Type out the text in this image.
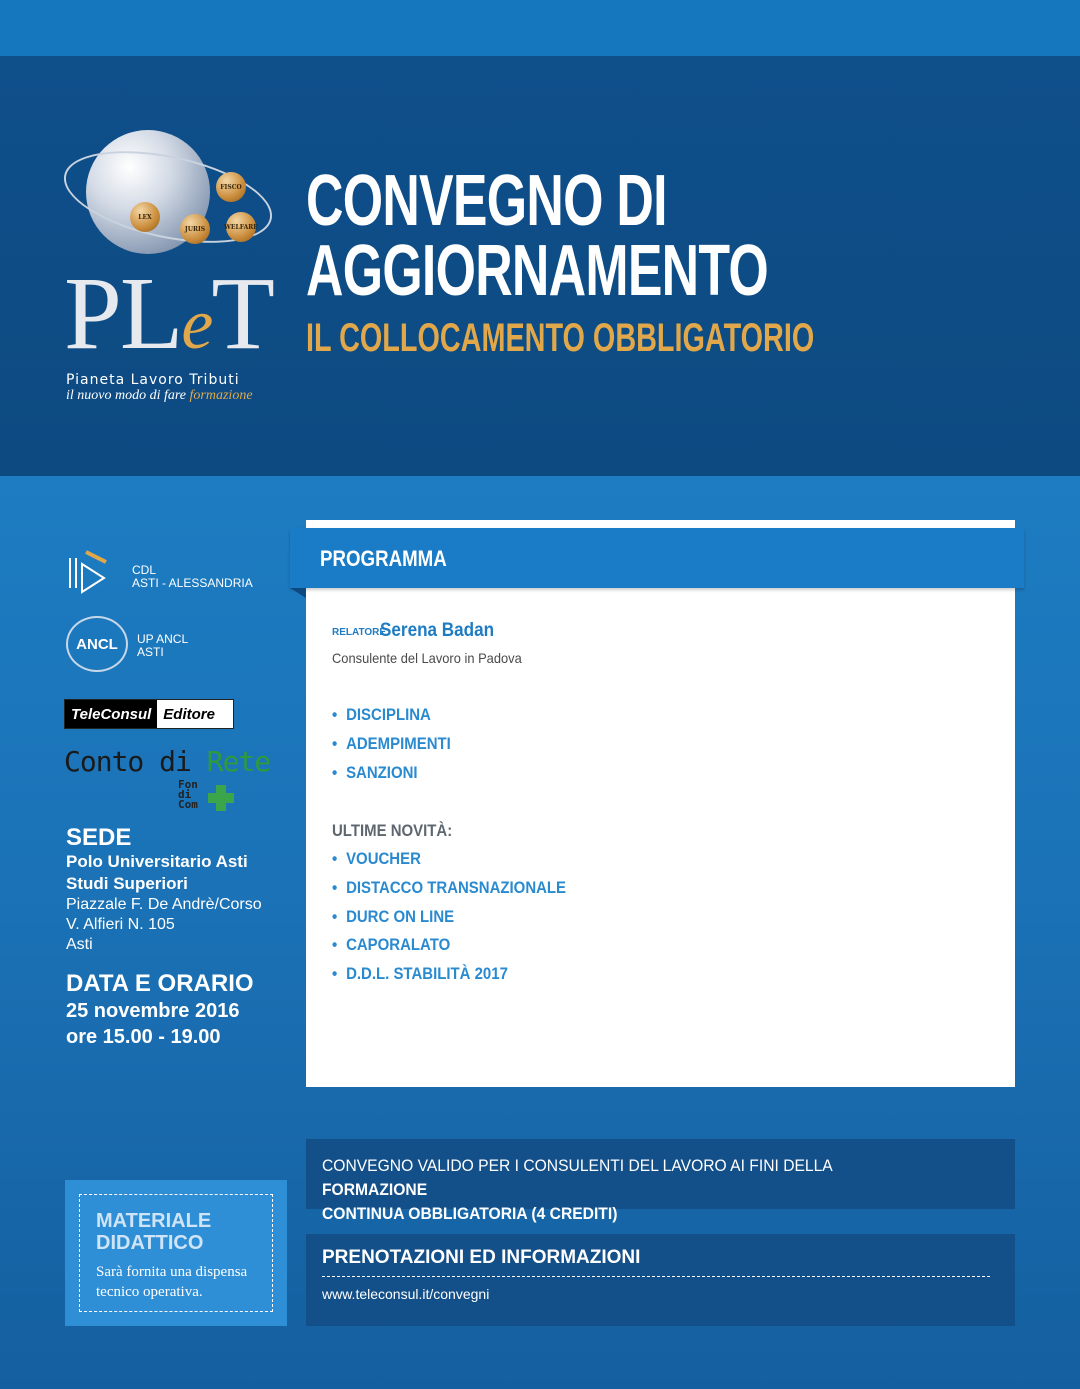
FISCO
LEX
JURIS	WELFARE
PLeT
Pianeta Lavoro Tributi
il nuovo modo di fare formazione
CONVEGNO DI
AGGIORNAMENTO
IL COLLOCAMENTO OBBLIGATORIO
CDL
ASTI - ALESSANDRIA
ANCL	UP ANCL
ASTI
TeleConsul Editore
Conto di Rete
Fon
di
Com
SEDE
Polo Universitario Asti
Studi Superiori
Piazzale F. De Andrè/Corso
V. Alfieri N. 105
Asti
DATA E ORARIO
25 novembre 2016
ore 15.00 - 19.00
PROGRAMMA
RELATORE
Serena Badan
Consulente del Lavoro in Padova
• DISCIPLINA
• ADEMPIMENTI
• SANZIONI
ULTIME NOVITÀ:
• VOUCHER
• DISTACCO TRANSNAZIONALE
• DURC ON LINE
• CAPORALATO
• D.D.L. STABILITÀ 2017
CONVEGNO VALIDO PER I CONSULENTI DEL LAVORO AI FINI DELLA FORMAZIONE
CONTINUA OBBLIGATORIA (4 CREDITI)
PRENOTAZIONI ED INFORMAZIONI
www.teleconsul.it/convegni
MATERIALE
DIDATTICO
Sarà fornita una dispensa
tecnico operativa.
